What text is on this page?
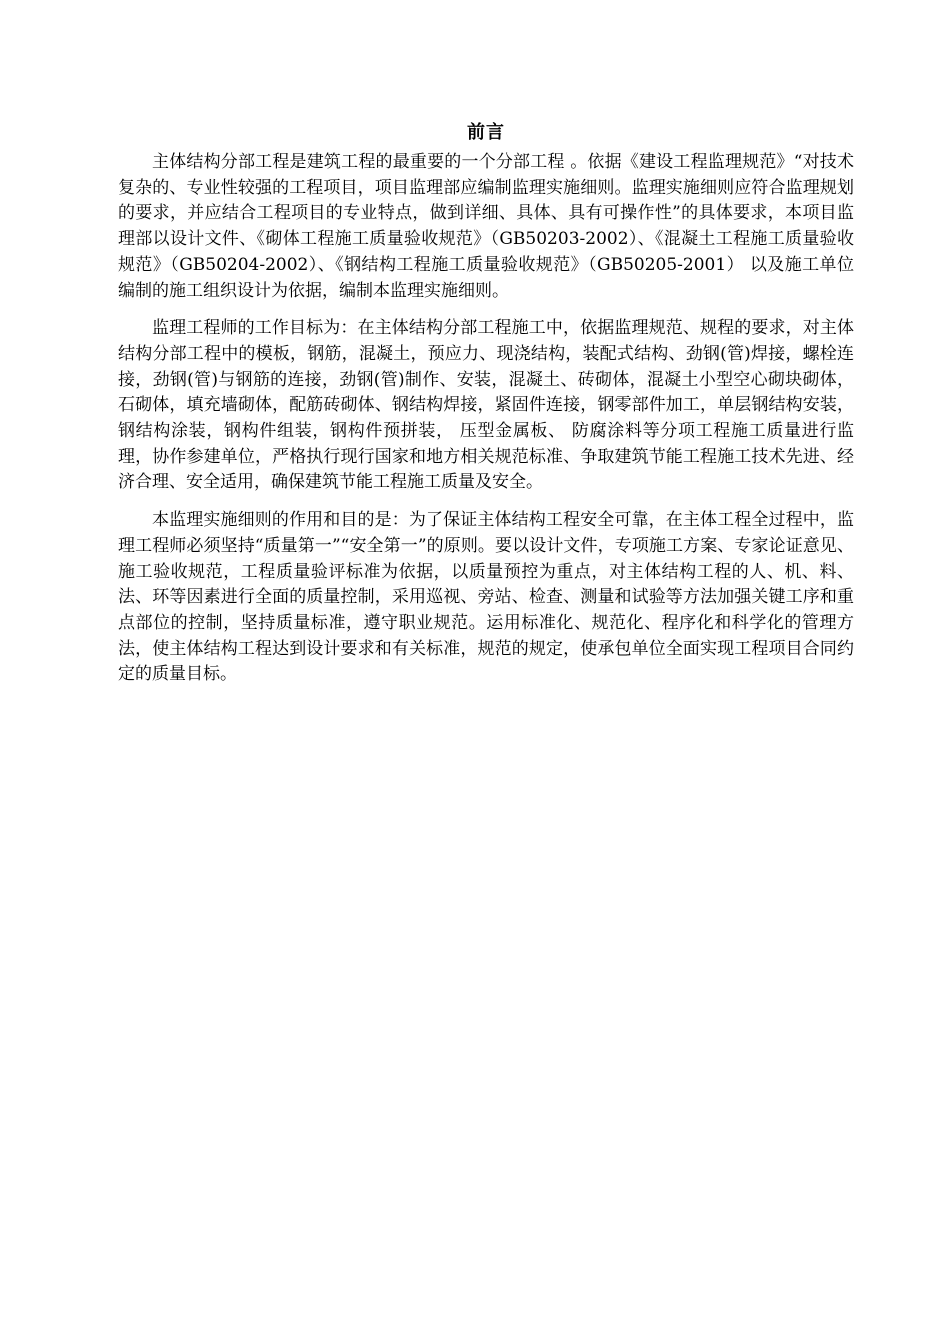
前言

主体结构分部工程是建筑工程的最重要的一个分部工程 。依据《建设工程监理规范》“对技术复杂的、专业性较强的工程项目，项目监理部应编制监理实施细则。监理实施细则应符合监理规划的要求，并应结合工程项目的专业特点，做到详细、具体、具有可操作性”的具体要求，本项目监理部以设计文件、《砌体工程施工质量验收规范》（GB50203-2002）、《混凝土工程施工质量验收规范》（GB50204-2002）、《钢结构工程施工质量验收规范》（GB50205-2001） 以及施工单位编制的施工组织设计为依据，编制本监理实施细则。

监理工程师的工作目标为：在主体结构分部工程施工中，依据监理规范、规程的要求，对主体结构分部工程中的模板，钢筋，混凝土，预应力、现浇结构，装配式结构、劲钢(管)焊接，螺栓连接，劲钢(管)与钢筋的连接，劲钢(管)制作、安装，混凝土、砖砌体，混凝土小型空心砌块砌体，石砌体，填充墙砌体，配筋砖砌体、钢结构焊接，紧固件连接，钢零部件加工，单层钢结构安装， 钢结构涂装，钢构件组装，钢构件预拼装， 压型金属板、 防腐涂料等分项工程施工质量进行监理，协作参建单位，严格执行现行国家和地方相关规范标准、争取建筑节能工程施工技术先进、经济合理、安全适用，确保建筑节能工程施工质量及安全。

本监理实施细则的作用和目的是：为了保证主体结构工程安全可靠，在主体工程全过程中，监理工程师必须坚持“质量第一”“安全第一”的原则。要以设计文件，专项施工方案、专家论证意见、施工验收规范，工程质量验评标准为依据，以质量预控为重点，对主体结构工程的人、机、料、法、环等因素进行全面的质量控制，采用巡视、旁站、检查、测量和试验等方法加强关键工序和重点部位的控制，坚持质量标准，遵守职业规范。运用标准化、规范化、程序化和科学化的管理方法，使主体结构工程达到设计要求和有关标准，规范的规定，使承包单位全面实现工程项目合同约定的质量目标。
